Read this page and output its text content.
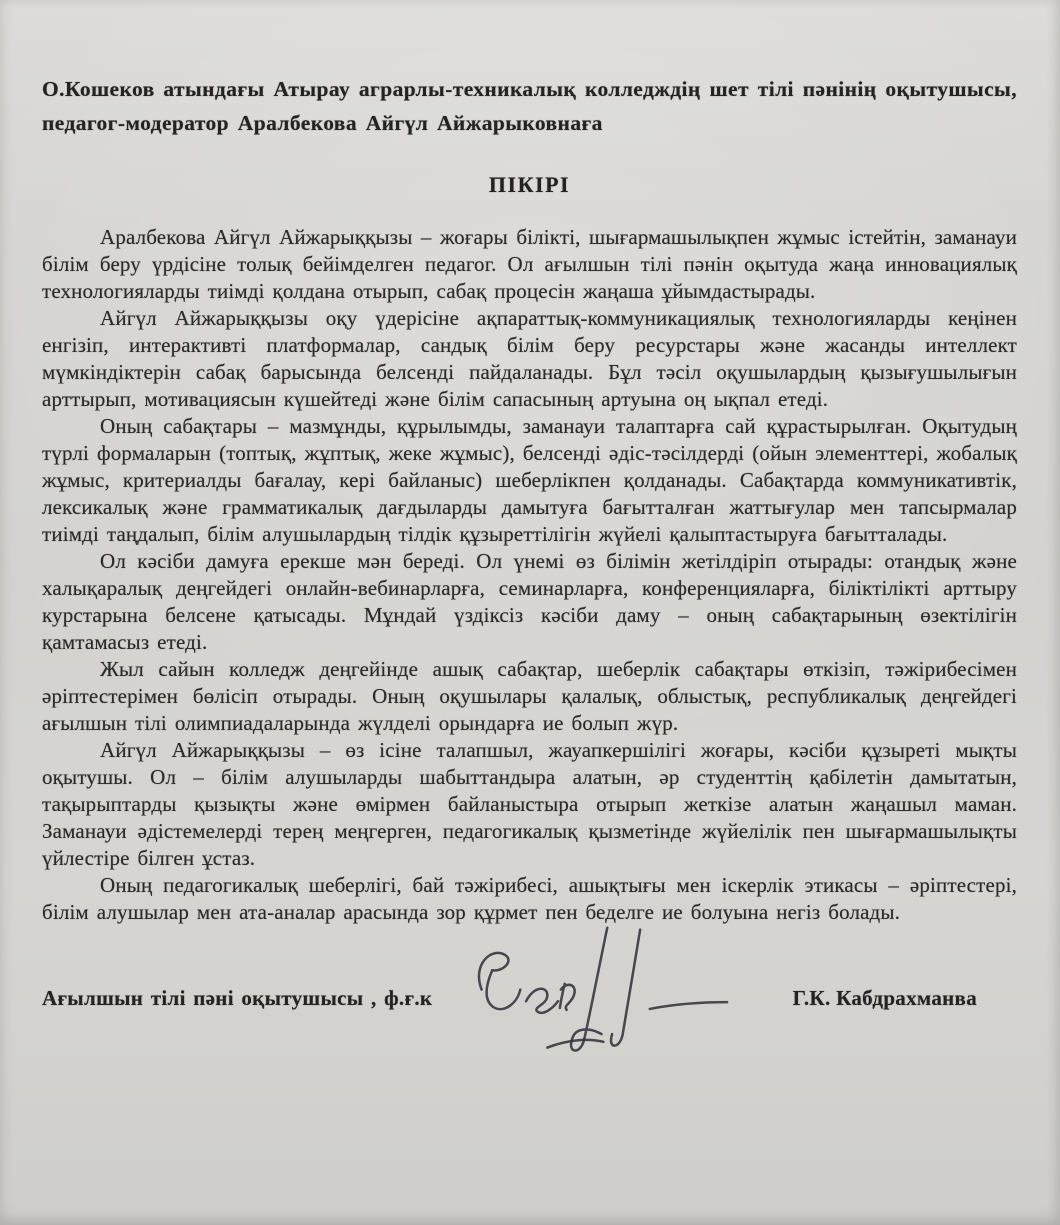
О.Кошеков атындағы Атырау аграрлы-техникалық колледждің шет тілі пәнінің оқытушысы, педагог-модератор Аралбекова Айгүл Айжарыковнаға
ПІКІРІ

Аралбекова Айгүл Айжарыққызы – жоғары білікті, шығармашылықпен жұмыс істейтін, заманауи білім беру үрдісіне толық бейімделген педагог. Ол ағылшын тілі пәнін оқытуда жаңа инновациялық технологияларды тиімді қолдана отырып, сабақ процесін жаңаша ұйымдастырады.

Айгүл Айжарыққызы оқу үдерісіне ақпараттық-коммуникациялық технологияларды кеңінен енгізіп, интерактивті платформалар, сандық білім беру ресурстары және жасанды интеллект мүмкіндіктерін сабақ барысында белсенді пайдаланады. Бұл тәсіл оқушылардың қызығушылығын арттырып, мотивациясын күшейтеді және білім сапасының артуына оң ықпал етеді.

Оның сабақтары – мазмұнды, құрылымды, заманауи талаптарға сай құрастырылған. Оқытудың түрлі формаларын (топтық, жұптық, жеке жұмыс), белсенді әдіс-тәсілдерді (ойын элементтері, жобалық жұмыс, критериалды бағалау, кері байланыс) шеберлікпен қолданады. Сабақтарда коммуникативтік, лексикалық және грамматикалық дағдыларды дамытуға бағытталған жаттығулар мен тапсырмалар тиімді таңдалып, білім алушылардың тілдік құзыреттілігін жүйелі қалыптастыруға бағытталады.

Ол кәсіби дамуға ерекше мән береді. Ол үнемі өз білімін жетілдіріп отырады: отандық және халықаралық деңгейдегі онлайн-вебинарларға, семинарларға, конференцияларға, біліктілікті арттыру курстарына белсене қатысады. Мұндай үздіксіз кәсіби даму – оның сабақтарының өзектілігін қамтамасыз етеді.

Жыл сайын колледж деңгейінде ашық сабақтар, шеберлік сабақтары өткізіп, тәжірибесімен әріптестерімен бөлісіп отырады. Оның оқушылары қалалық, облыстық, республикалық деңгейдегі ағылшын тілі олимпиадаларында жүлделі орындарға ие болып жүр.

Айгүл Айжарыққызы – өз ісіне талапшыл, жауапкершілігі жоғары, кәсіби құзыреті мықты оқытушы. Ол – білім алушыларды шабыттандыра алатын, әр студенттің қабілетін дамытатын, тақырыптарды қызықты және өмірмен байланыстыра отырып жеткізе алатын жаңашыл маман. Заманауи әдістемелерді терең меңгерген, педагогикалық қызметінде жүйелілік пен шығармашылықты үйлестіре білген ұстаз.

Оның педагогикалық шеберлігі, бай тәжірибесі, ашықтығы мен іскерлік этикасы – әріптестері, білім алушылар мен ата-аналар арасында зор құрмет пен беделге ие болуына негіз болады.

Ағылшын тілі пәні оқытушысы , ф.ғ.к	Г.К. Кабдрахманва
